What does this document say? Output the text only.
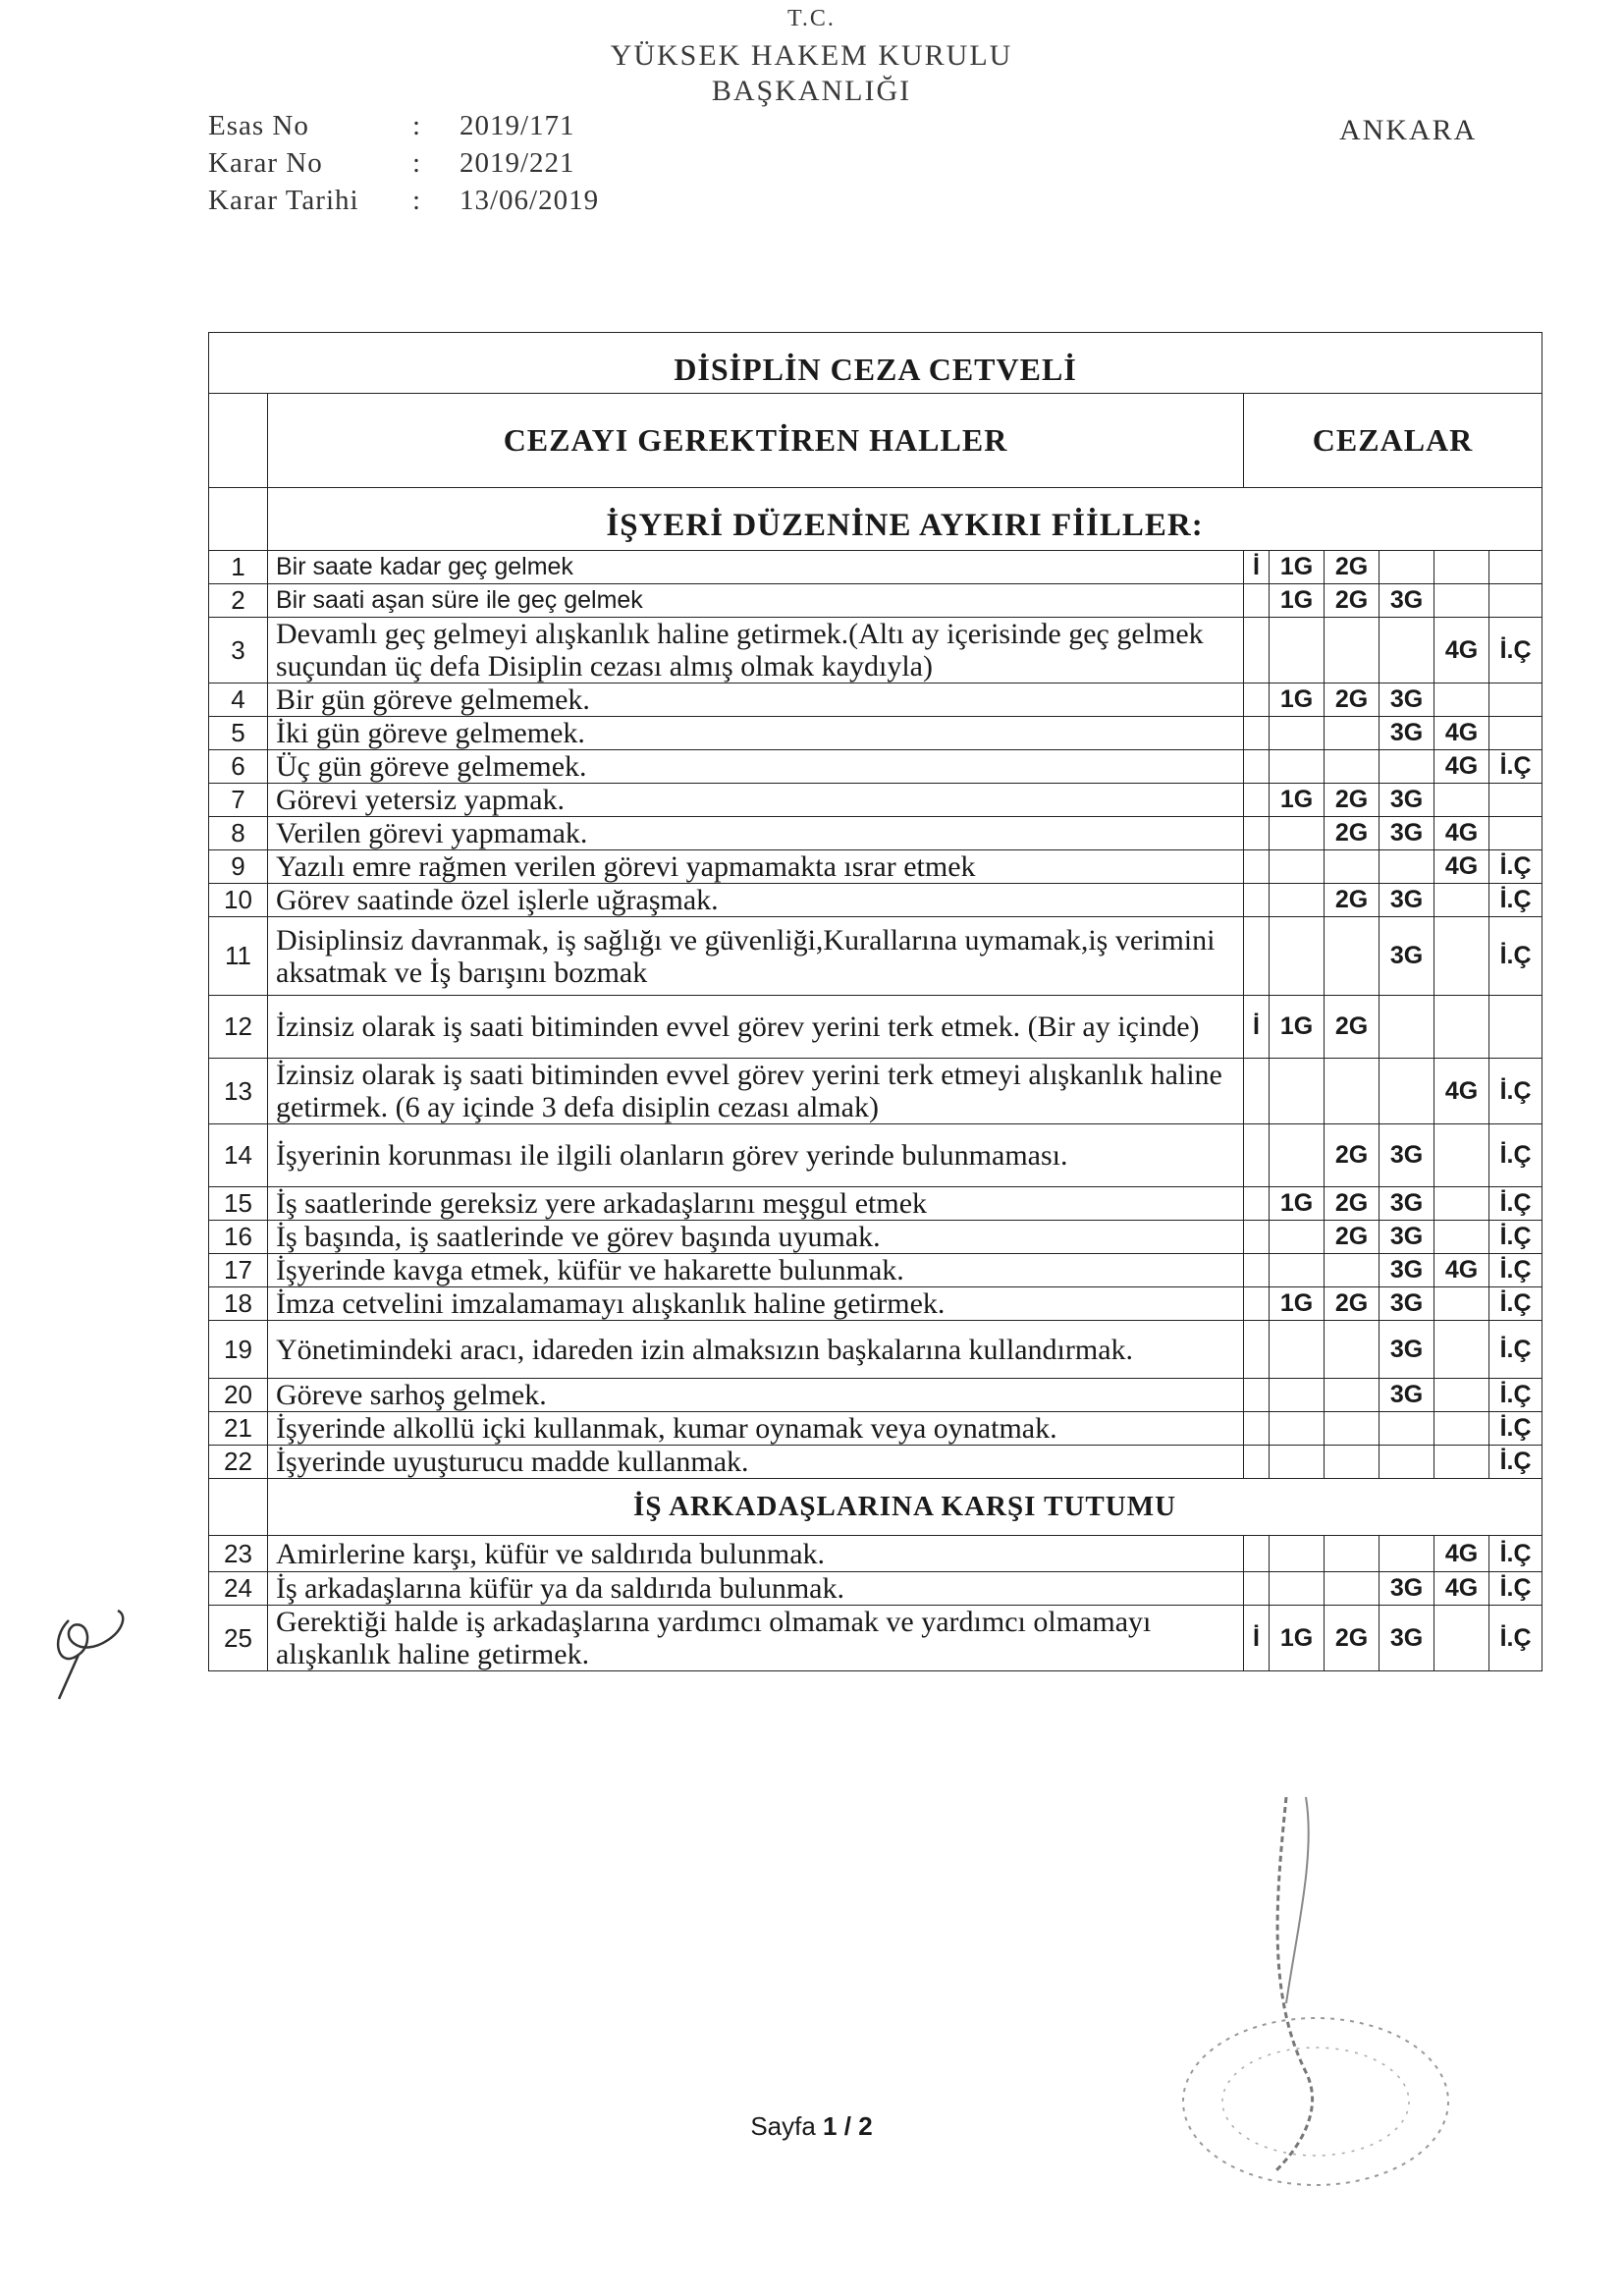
T.C.
YÜKSEK HAKEM KURULU
BAŞKANLIĞI
Esas No	:	2019/171
Karar No	:	2019/221
Karar Tarihi	:	13/06/2019
ANKARA
DİSİPLİN CEZA CETVELİ							
	CEZAYI GEREKTİREN HALLER	CEZALAR					
	İŞYERİ DÜZENİNE AYKIRI FİİLLER:						
1	Bir saate kadar geç gelmek	İ	1G	2G			
2	Bir saati aşan süre ile geç gelmek		1G	2G	3G		
3	Devamlı geç gelmeyi alışkanlık haline getirmek.(Altı ay içerisinde geç gelmek suçundan üç defa Disiplin cezası almış olmak kaydıyla)					4G	İ.Ç
4	Bir gün göreve gelmemek.		1G	2G	3G		
5	İki gün göreve gelmemek.				3G	4G	
6	Üç gün göreve gelmemek.					4G	İ.Ç
7	Görevi yetersiz yapmak.		1G	2G	3G		
8	Verilen görevi yapmamak.			2G	3G	4G	
9	Yazılı emre rağmen verilen görevi yapmamakta ısrar etmek					4G	İ.Ç
10	Görev saatinde özel işlerle uğraşmak.			2G	3G		İ.Ç
11	Disiplinsiz davranmak, iş sağlığı ve güvenliği,Kurallarına uymamak,iş verimini aksatmak ve İş barışını bozmak				3G		İ.Ç
12	İzinsiz olarak iş saati bitiminden evvel görev yerini terk etmek. (Bir ay içinde)	İ	1G	2G			
13	İzinsiz olarak iş saati bitiminden evvel görev yerini terk etmeyi alışkanlık haline getirmek. (6 ay içinde 3 defa disiplin cezası almak)					4G	İ.Ç
14	İşyerinin korunması ile ilgili olanların görev yerinde bulunmaması.			2G	3G		İ.Ç
15	İş saatlerinde gereksiz yere arkadaşlarını meşgul etmek		1G	2G	3G		İ.Ç
16	İş başında, iş saatlerinde ve görev başında uyumak.			2G	3G		İ.Ç
17	İşyerinde kavga etmek, küfür ve hakarette bulunmak.				3G	4G	İ.Ç
18	İmza cetvelini imzalamamayı alışkanlık haline getirmek.		1G	2G	3G		İ.Ç
19	Yönetimindeki aracı, idareden izin almaksızın başkalarına kullandırmak.				3G		İ.Ç
20	Göreve sarhoş gelmek.				3G		İ.Ç
21	İşyerinde alkollü içki kullanmak, kumar oynamak veya oynatmak.						İ.Ç
22	İşyerinde uyuşturucu madde kullanmak.						İ.Ç
	İŞ ARKADAŞLARINA KARŞI TUTUMU						
23	Amirlerine karşı, küfür ve saldırıda bulunmak.					4G	İ.Ç
24	İş arkadaşlarına küfür ya da saldırıda bulunmak.				3G	4G	İ.Ç
25	Gerektiği halde iş arkadaşlarına yardımcı olmamak ve yardımcı olmamayı alışkanlık haline getirmek.	İ	1G	2G	3G		İ.Ç
Sayfa 1 / 2
